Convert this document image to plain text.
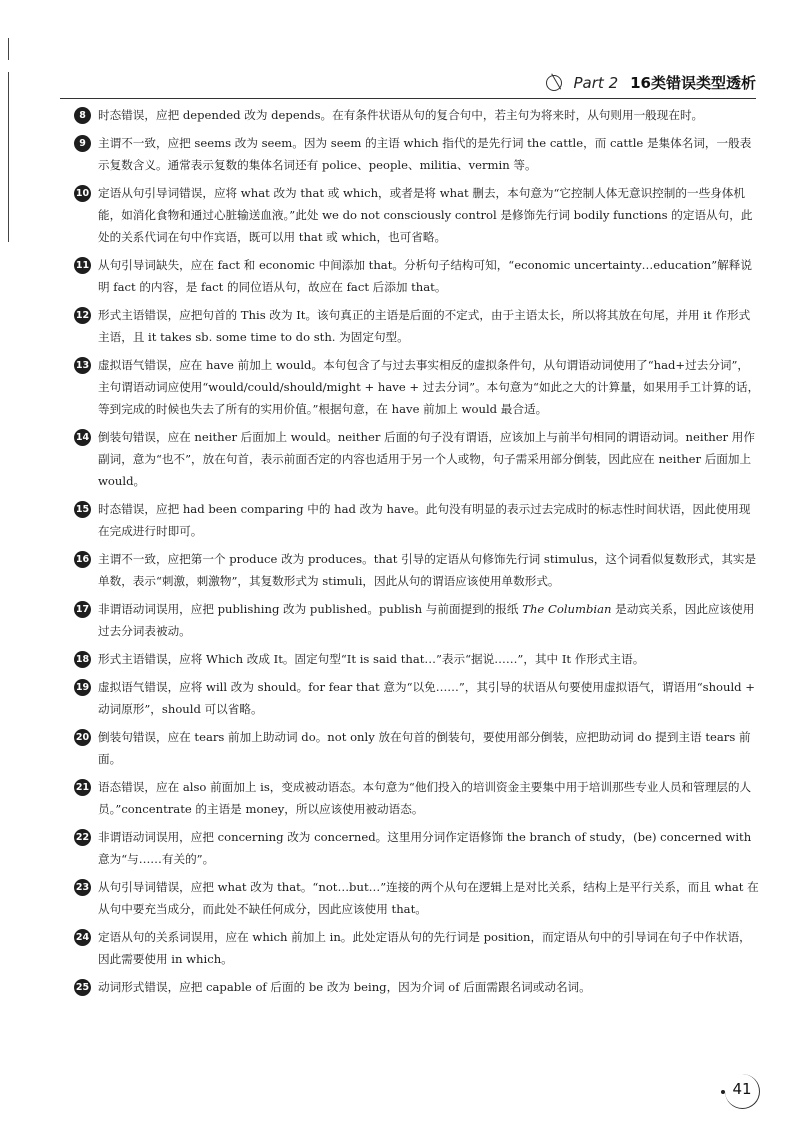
Part 2 16类错误类型透析
8	时态错误，应把 depended 改为 depends。在有条件状语从句的复合句中，若主句为将来时，从句则用一般现在时。

9	主谓不一致，应把 seems 改为 seem。因为 seem 的主语 which 指代的是先行词 the cattle，而 cattle 是集体名词，一般表示复数含义。通常表示复数的集体名词还有 police、people、militia、vermin 等。

10 定语从句引导词错误，应将 what 改为 that 或 which，或者是将 what 删去，本句意为“它控制人体无意识控制的一些身体机能，如消化食物和通过心脏输送血液。”此处 we do not consciously control 是修饰先行词 bodily functions 的定语从句，此处的关系代词在句中作宾语，既可以用 that 或 which，也可省略。

11 从句引导词缺失，应在 fact 和 economic 中间添加 that。分析句子结构可知，“economic uncertainty…education”解释说明 fact 的内容，是 fact 的同位语从句，故应在 fact 后添加 that。

12 形式主语错误，应把句首的 This 改为 It。该句真正的主语是后面的不定式，由于主语太长，所以将其放在句尾，并用 it 作形式主语，且 it takes sb. some time to do sth. 为固定句型。

13 虚拟语气错误，应在 have 前加上 would。本句包含了与过去事实相反的虚拟条件句，从句谓语动词使用了“had+过去分词”，主句谓语动词应使用“would/could/should/might + have + 过去分词”。本句意为“如此之大的计算量，如果用手工计算的话，等到完成的时候也失去了所有的实用价值。”根据句意，在 have 前加上 would 最合适。

14 倒装句错误，应在 neither 后面加上 would。neither 后面的句子没有谓语，应该加上与前半句相同的谓语动词。neither 用作副词，意为“也不”，放在句首，表示前面否定的内容也适用于另一个人或物，句子需采用部分倒装，因此应在 neither 后面加上 would。

15 时态错误，应把 had been comparing 中的 had 改为 have。此句没有明显的表示过去完成时的标志性时间状语，因此使用现在完成进行时即可。

16 主谓不一致，应把第一个 produce 改为 produces。that 引导的定语从句修饰先行词 stimulus，这个词看似复数形式，其实是单数，表示“刺激，刺激物”，其复数形式为 stimuli，因此从句的谓语应该使用单数形式。

17 非谓语动词误用，应把 publishing 改为 published。publish 与前面提到的报纸 The Columbian 是动宾关系，因此应该使用过去分词表被动。

18 形式主语错误，应将 Which 改成 It。固定句型“It is said that…”表示“据说……”，其中 It 作形式主语。

19 虚拟语气错误，应将 will 改为 should。for fear that 意为“以免……”，其引导的状语从句要使用虚拟语气，谓语用“should + 动词原形”，should 可以省略。

20 倒装句错误，应在 tears 前加上助动词 do。not only 放在句首的倒装句，要使用部分倒装，应把助动词 do 提到主语 tears 前面。

21 语态错误，应在 also 前面加上 is，变成被动语态。本句意为“他们投入的培训资金主要集中用于培训那些专业人员和管理层的人员。”concentrate 的主语是 money，所以应该使用被动语态。

22 非谓语动词误用，应把 concerning 改为 concerned。这里用分词作定语修饰 the branch of study，(be) concerned with 意为“与……有关的”。

23 从句引导词错误，应把 what 改为 that。“not…but…”连接的两个从句在逻辑上是对比关系，结构上是平行关系，而且 what 在从句中要充当成分，而此处不缺任何成分，因此应该使用 that。

24 定语从句的关系词误用，应在 which 前加上 in。此处定语从句的先行词是 position，而定语从句中的引导词在句子中作状语，因此需要使用 in which。

25 动词形式错误，应把 capable of 后面的 be 改为 being，因为介词 of 后面需跟名词或动名词。

41
